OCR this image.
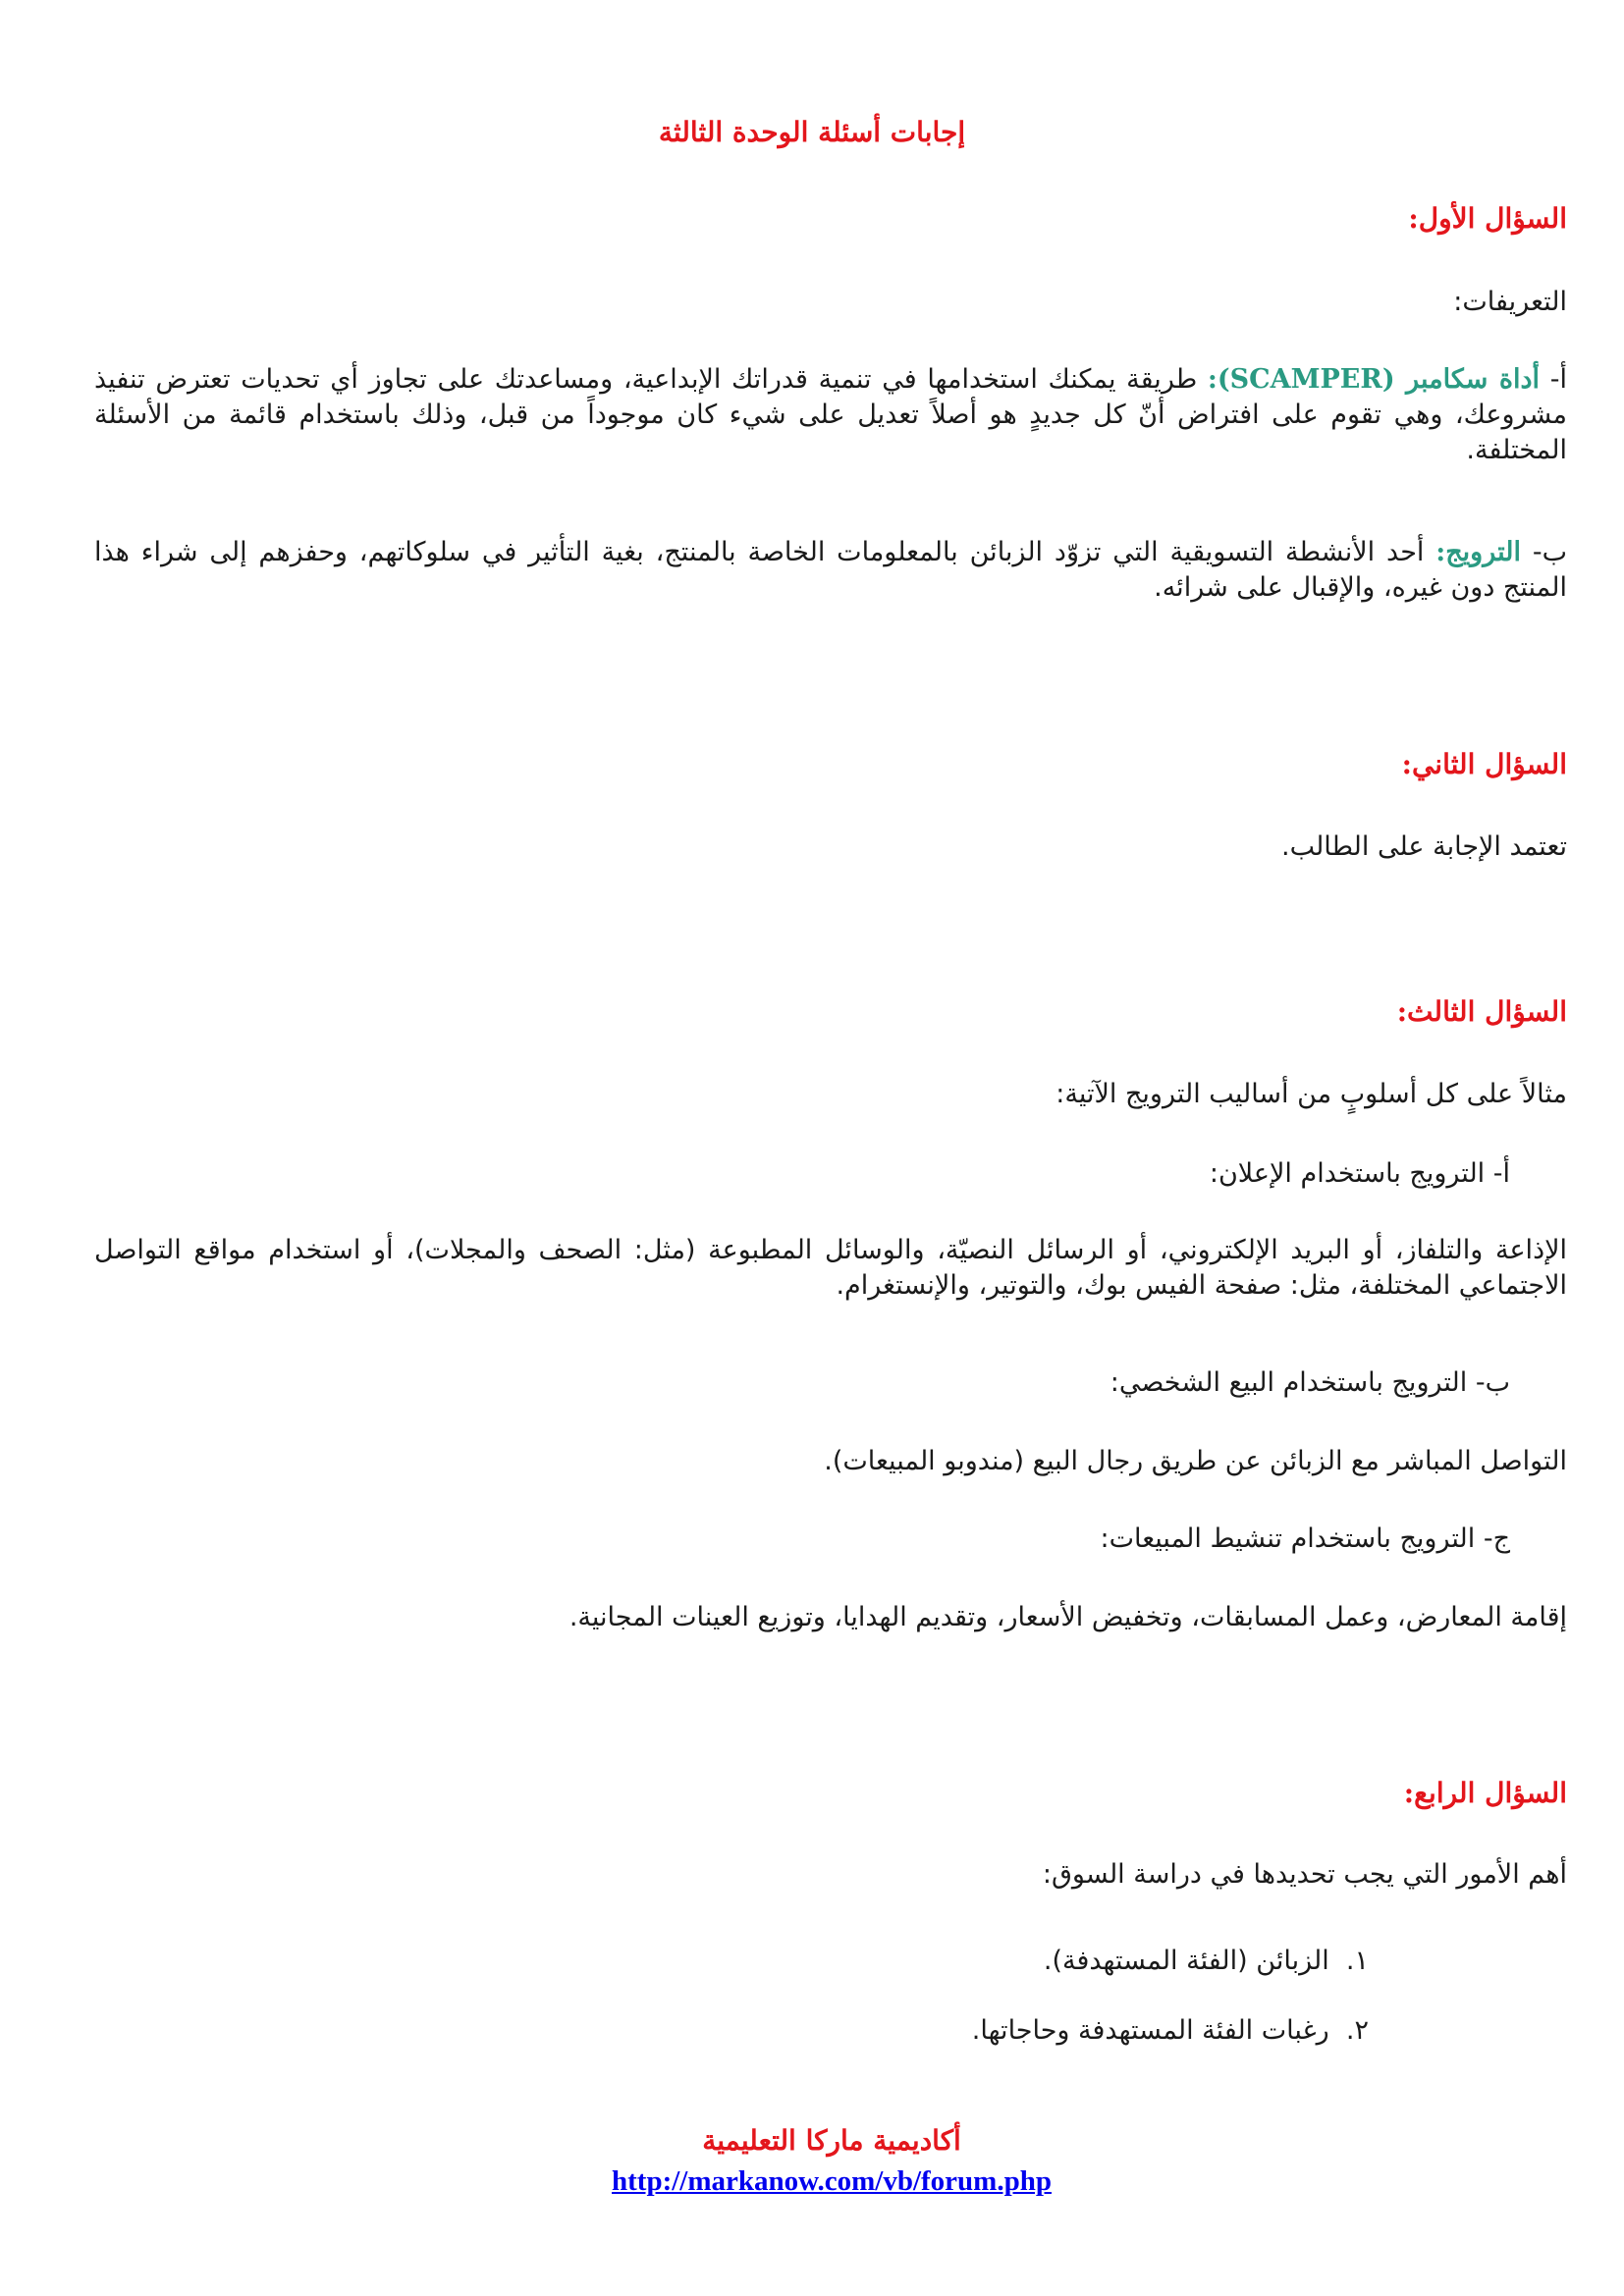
إجابات أسئلة الوحدة الثالثة
السؤال الأول:
التعريفات:
أ- أداة سكامبر (SCAMPER): طريقة يمكنك استخدامها في تنمية قدراتك الإبداعية، ومساعدتك على تجاوز أي تحديات تعترض تنفيذ مشروعك، وهي تقوم على افتراض أنّ كل جديدٍ هو أصلاً تعديل على شيء كان موجوداً من قبل، وذلك باستخدام قائمة من الأسئلة المختلفة.
ب- الترويج: أحد الأنشطة التسويقية التي تزوّد الزبائن بالمعلومات الخاصة بالمنتج، بغية التأثير في سلوكاتهم، وحفزهم إلى شراء هذا المنتج دون غيره، والإقبال على شرائه.
السؤال الثاني:
تعتمد الإجابة على الطالب.
السؤال الثالث:
مثالاً على كل أسلوبٍ من أساليب الترويج الآتية:
أ- الترويج باستخدام الإعلان:
الإذاعة والتلفاز، أو البريد الإلكتروني، أو الرسائل النصيّة، والوسائل المطبوعة (مثل: الصحف والمجلات)، أو استخدام مواقع التواصل الاجتماعي المختلفة، مثل: صفحة الفيس بوك، والتوتير، والإنستغرام.
ب- الترويج باستخدام البيع الشخصي:
التواصل المباشر مع الزبائن عن طريق رجال البيع (مندوبو المبيعات).
ج- الترويج باستخدام تنشيط المبيعات:
إقامة المعارض، وعمل المسابقات، وتخفيض الأسعار، وتقديم الهدايا، وتوزيع العينات المجانية.
السؤال الرابع:
أهم الأمور التي يجب تحديدها في دراسة السوق:
١.  الزبائن (الفئة المستهدفة).
٢.  رغبات الفئة المستهدفة وحاجاتها.
أكاديمية ماركا التعليمية
http://markanow.com/vb/forum.php
